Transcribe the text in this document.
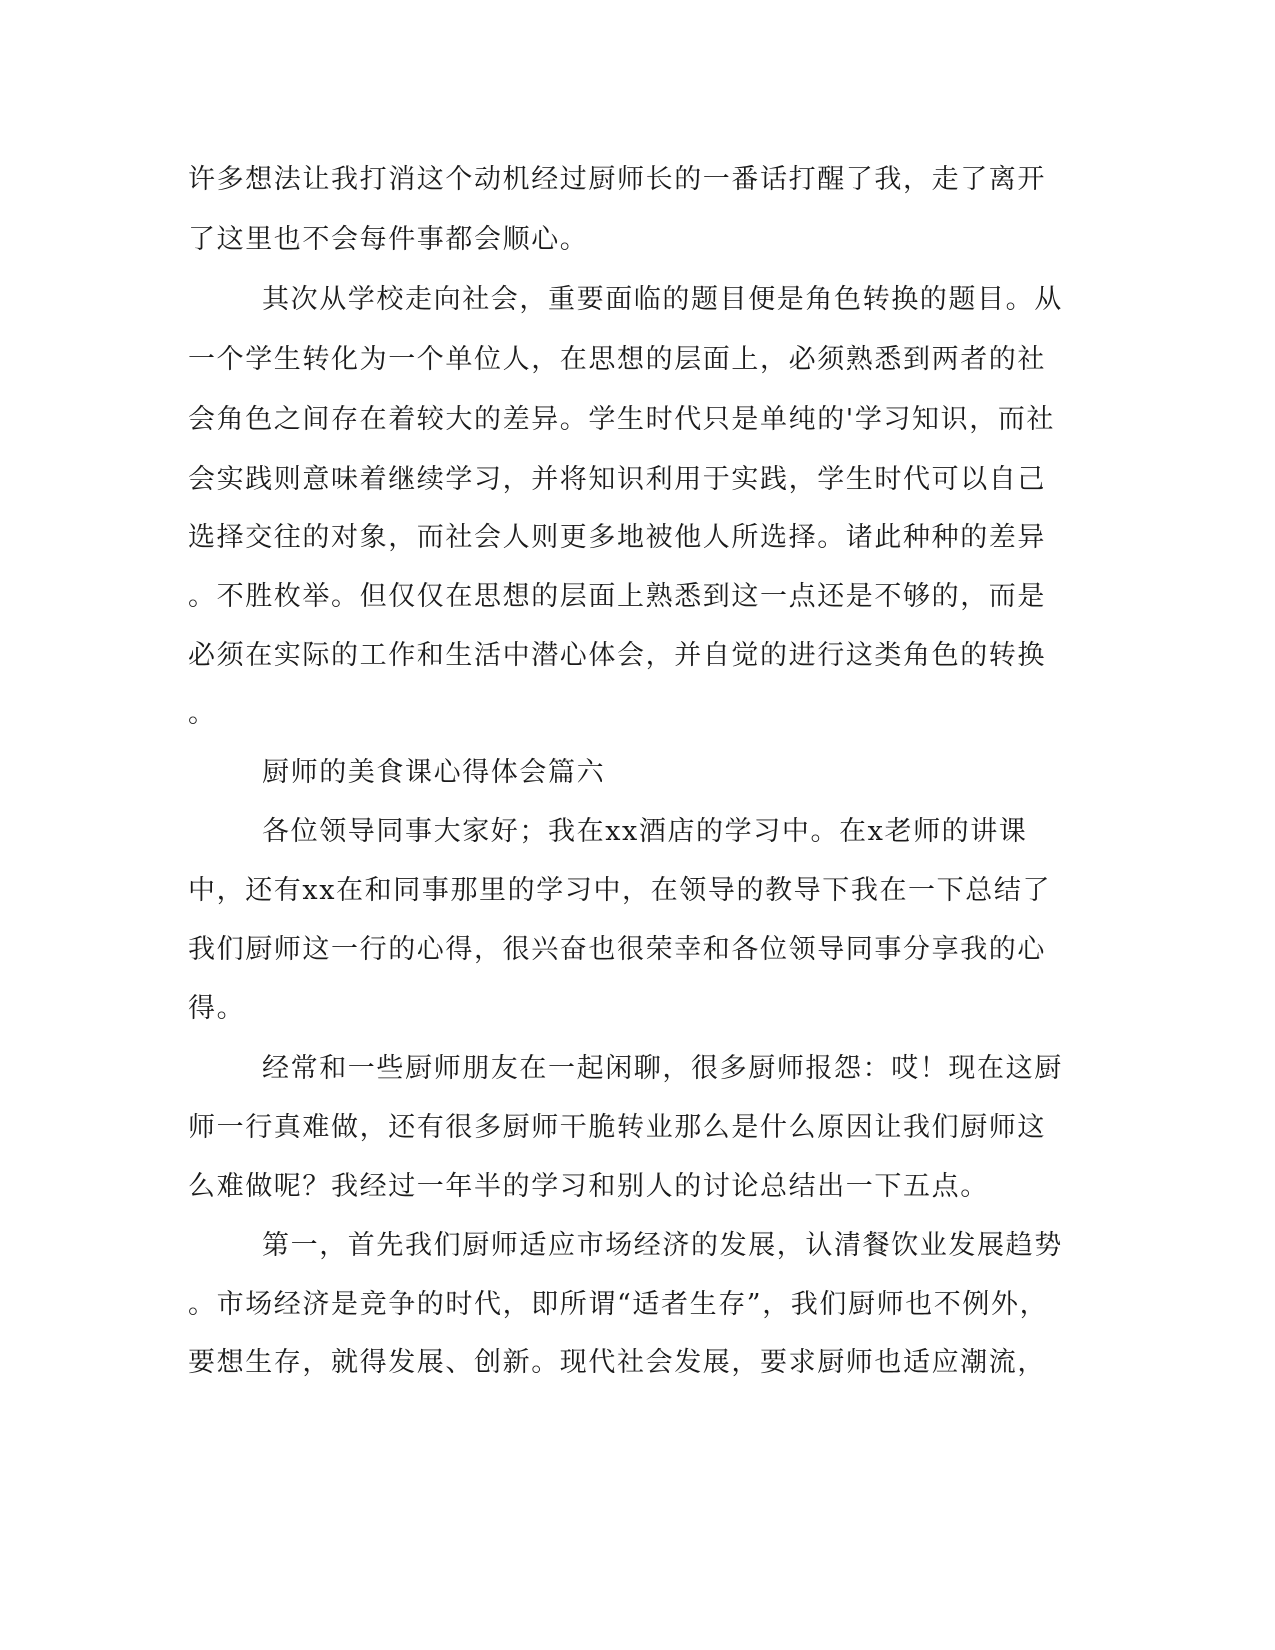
许多想法让我打消这个动机经过厨师长的一番话打醒了我，走了离开
了这里也不会每件事都会顺心。
其次从学校走向社会，重要面临的题目便是角色转换的题目。从
一个学生转化为一个单位人，在思想的层面上，必须熟悉到两者的社
会角色之间存在着较大的差异。学生时代只是单纯的'学习知识，而社
会实践则意味着继续学习，并将知识利用于实践，学生时代可以自己
选择交往的对象，而社会人则更多地被他人所选择。诸此种种的差异
。不胜枚举。但仅仅在思想的层面上熟悉到这一点还是不够的，而是
必须在实际的工作和生活中潜心体会，并自觉的进行这类角色的转换
。
厨师的美食课心得体会篇六
各位领导同事大家好；我在xx酒店的学习中。在x老师的讲课
中，还有xx在和同事那里的学习中，在领导的教导下我在一下总结了
我们厨师这一行的心得，很兴奋也很荣幸和各位领导同事分享我的心
得。
经常和一些厨师朋友在一起闲聊，很多厨师报怨：哎！现在这厨
师一行真难做，还有很多厨师干脆转业那么是什么原因让我们厨师这
么难做呢？我经过一年半的学习和别人的讨论总结出一下五点。
第一，首先我们厨师适应市场经济的发展，认清餐饮业发展趋势
。市场经济是竞争的时代，即所谓“适者生存”，我们厨师也不例外，
要想生存，就得发展、创新。现代社会发展，要求厨师也适应潮流，
